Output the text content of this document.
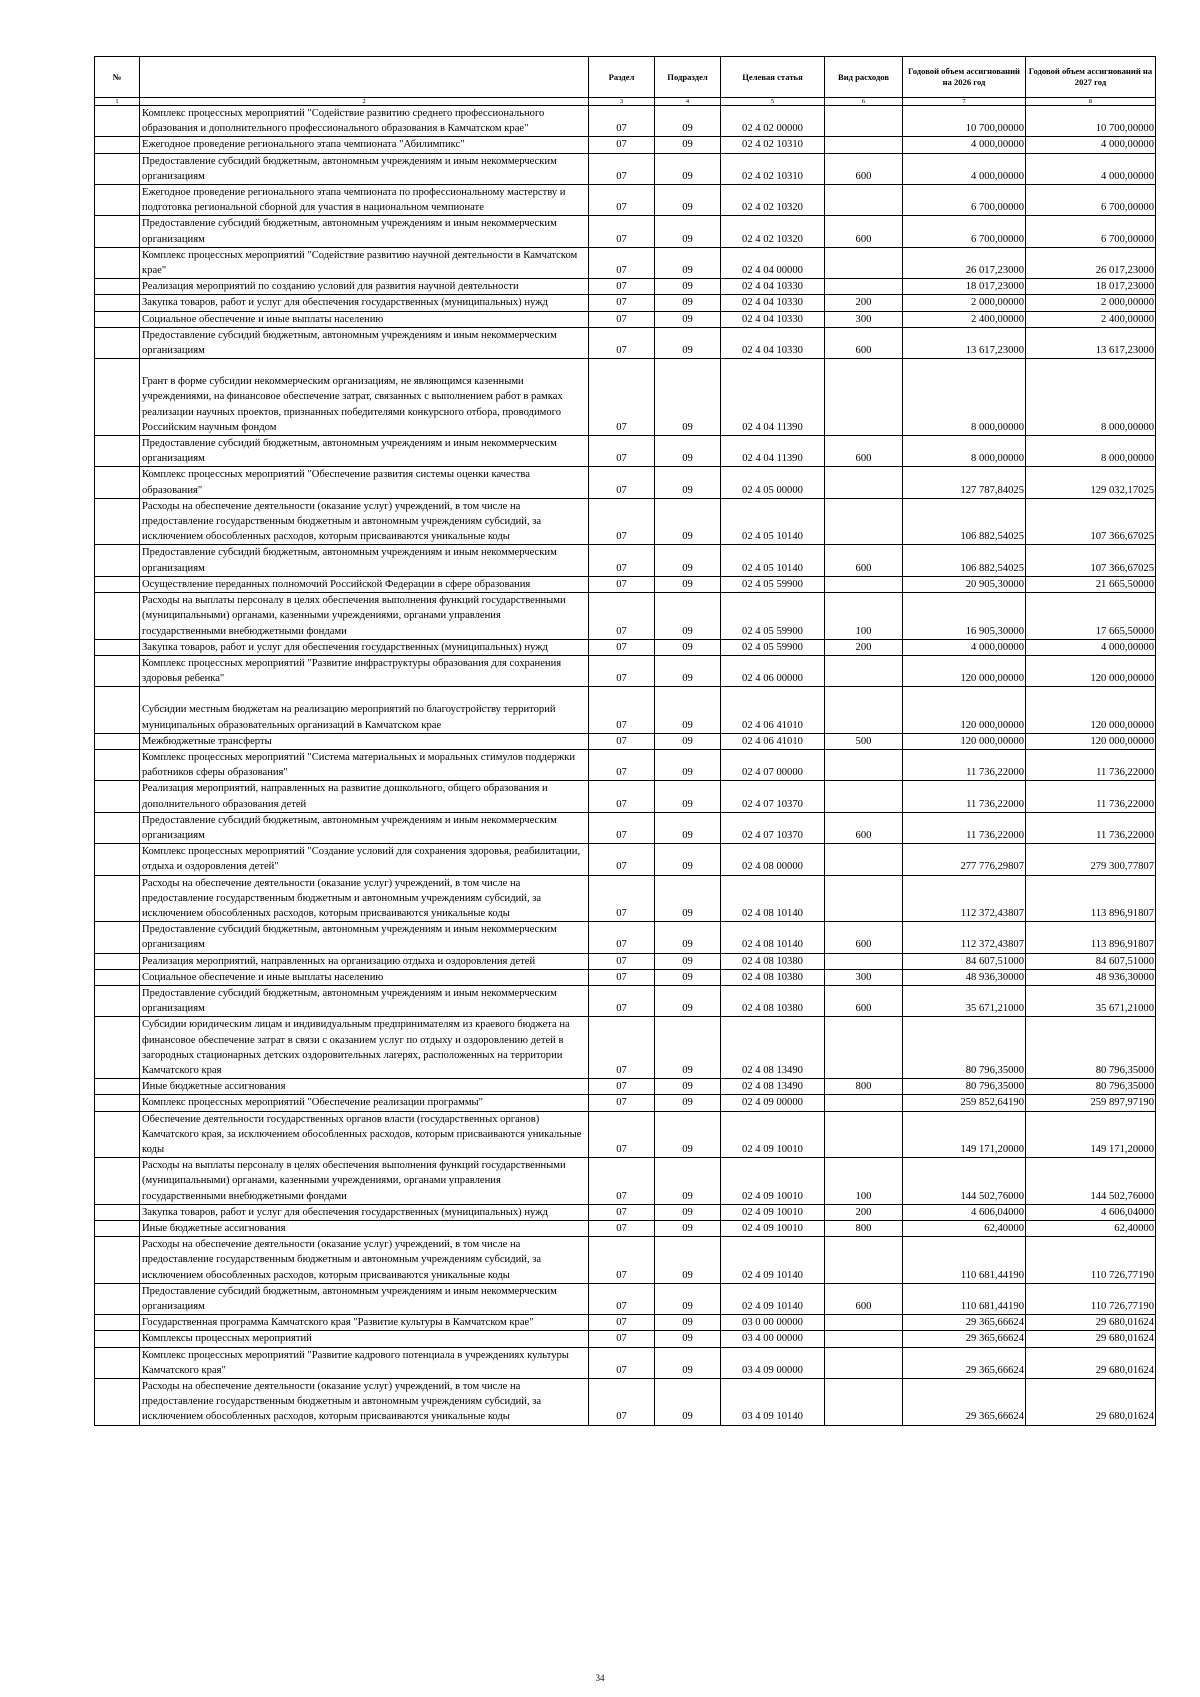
№		Раздел	Подраздел	Целевая статья	Вид расходов	Годовой объем ассигнований на 2026 год	Годовой объем ассигнований на 2027 год
1	2	3	4	5	6	7	8
	Комплекс процессных мероприятий "Содействие развитию среднего профессионального образования и дополнительного профессионального образования в Камчатском крае"	07	09	02 4 02 00000		10 700,00000	10 700,00000
	Ежегодное проведение регионального этапа чемпионата "Абилимпикс"	07	09	02 4 02 10310		4 000,00000	4 000,00000
	Предоставление субсидий бюджетным, автономным учреждениям и иным некоммерческим организациям	07	09	02 4 02 10310	600	4 000,00000	4 000,00000
	Ежегодное проведение регионального этапа чемпионата по профессиональному мастерству и подготовка региональной сборной для участия в национальном чемпионате	07	09	02 4 02 10320		6 700,00000	6 700,00000
	Предоставление субсидий бюджетным, автономным учреждениям и иным некоммерческим организациям	07	09	02 4 02 10320	600	6 700,00000	6 700,00000
	Комплекс процессных мероприятий "Содействие развитию научной деятельности в Камчатском крае"	07	09	02 4 04 00000		26 017,23000	26 017,23000
	Реализация мероприятий по созданию условий для развития научной деятельности	07	09	02 4 04 10330		18 017,23000	18 017,23000
	Закупка товаров, работ и услуг для обеспечения государственных (муниципальных) нужд	07	09	02 4 04 10330	200	2 000,00000	2 000,00000
	Социальное обеспечение и иные выплаты населению	07	09	02 4 04 10330	300	2 400,00000	2 400,00000
	Предоставление субсидий бюджетным, автономным учреждениям и иным некоммерческим организациям	07	09	02 4 04 10330	600	13 617,23000	13 617,23000
	Грант в форме субсидии некоммерческим организациям, не являющимся казенными учреждениями, на финансовое обеспечение затрат, связанных с выполнением работ в рамках реализации научных проектов, признанных победителями конкурсного отбора, проводимого Российским научным фондом	07	09	02 4 04 11390		8 000,00000	8 000,00000
	Предоставление субсидий бюджетным, автономным учреждениям и иным некоммерческим организациям	07	09	02 4 04 11390	600	8 000,00000	8 000,00000
	Комплекс процессных мероприятий "Обеспечение развития системы оценки качества образования"	07	09	02 4 05 00000		127 787,84025	129 032,17025
	Расходы на обеспечение деятельности (оказание услуг) учреждений, в том числе на предоставление государственным бюджетным и автономным учреждениям субсидий, за исключением обособленных расходов, которым присваиваются уникальные коды	07	09	02 4 05 10140		106 882,54025	107 366,67025
	Предоставление субсидий бюджетным, автономным учреждениям и иным некоммерческим организациям	07	09	02 4 05 10140	600	106 882,54025	107 366,67025
	Осуществление переданных полномочий Российской Федерации в сфере образования	07	09	02 4 05 59900		20 905,30000	21 665,50000
	Расходы на выплаты персоналу в целях обеспечения выполнения функций государственными (муниципальными) органами, казенными учреждениями, органами управления государственными внебюджетными фондами	07	09	02 4 05 59900	100	16 905,30000	17 665,50000
	Закупка товаров, работ и услуг для обеспечения государственных (муниципальных) нужд	07	09	02 4 05 59900	200	4 000,00000	4 000,00000
	Комплекс процессных мероприятий "Развитие инфраструктуры образования для сохранения здоровья ребенка"	07	09	02 4 06 00000		120 000,00000	120 000,00000
	Субсидии местным бюджетам на реализацию мероприятий по благоустройству территорий муниципальных образовательных организаций в Камчатском крае	07	09	02 4 06 41010		120 000,00000	120 000,00000
	Межбюджетные трансферты	07	09	02 4 06 41010	500	120 000,00000	120 000,00000
	Комплекс процессных мероприятий "Система материальных и моральных стимулов поддержки работников сферы образования"	07	09	02 4 07 00000		11 736,22000	11 736,22000
	Реализация мероприятий, направленных на развитие дошкольного, общего образования и дополнительного образования детей	07	09	02 4 07 10370		11 736,22000	11 736,22000
	Предоставление субсидий бюджетным, автономным учреждениям и иным некоммерческим организациям	07	09	02 4 07 10370	600	11 736,22000	11 736,22000
	Комплекс процессных мероприятий "Создание условий для сохранения здоровья, реабилитации, отдыха и оздоровления детей"	07	09	02 4 08 00000		277 776,29807	279 300,77807
	Расходы на обеспечение деятельности (оказание услуг) учреждений, в том числе на предоставление государственным бюджетным и автономным учреждениям субсидий, за исключением обособленных расходов, которым присваиваются уникальные коды	07	09	02 4 08 10140		112 372,43807	113 896,91807
	Предоставление субсидий бюджетным, автономным учреждениям и иным некоммерческим организациям	07	09	02 4 08 10140	600	112 372,43807	113 896,91807
	Реализация мероприятий, направленных на организацию отдыха и оздоровления детей	07	09	02 4 08 10380		84 607,51000	84 607,51000
	Социальное обеспечение и иные выплаты населению	07	09	02 4 08 10380	300	48 936,30000	48 936,30000
	Предоставление субсидий бюджетным, автономным учреждениям и иным некоммерческим организациям	07	09	02 4 08 10380	600	35 671,21000	35 671,21000
	Субсидии юридическим лицам и индивидуальным предпринимателям из краевого бюджета на финансовое обеспечение затрат в связи с оказанием услуг по отдыху и оздоровлению детей в загородных стационарных детских оздоровительных лагерях, расположенных на территории Камчатского края	07	09	02 4 08 13490		80 796,35000	80 796,35000
	Иные бюджетные ассигнования	07	09	02 4 08 13490	800	80 796,35000	80 796,35000
	Комплекс процессных мероприятий "Обеспечение реализации программы"	07	09	02 4 09 00000		259 852,64190	259 897,97190
	Обеспечение деятельности государственных органов власти (государственных органов) Камчатского края, за исключением обособленных расходов, которым присваиваются уникальные коды	07	09	02 4 09 10010		149 171,20000	149 171,20000
	Расходы на выплаты персоналу в целях обеспечения выполнения функций государственными (муниципальными) органами, казенными учреждениями, органами управления государственными внебюджетными фондами	07	09	02 4 09 10010	100	144 502,76000	144 502,76000
	Закупка товаров, работ и услуг для обеспечения государственных (муниципальных) нужд	07	09	02 4 09 10010	200	4 606,04000	4 606,04000
	Иные бюджетные ассигнования	07	09	02 4 09 10010	800	62,40000	62,40000
	Расходы на обеспечение деятельности (оказание услуг) учреждений, в том числе на предоставление государственным бюджетным и автономным учреждениям субсидий, за исключением обособленных расходов, которым присваиваются уникальные коды	07	09	02 4 09 10140		110 681,44190	110 726,77190
	Предоставление субсидий бюджетным, автономным учреждениям и иным некоммерческим организациям	07	09	02 4 09 10140	600	110 681,44190	110 726,77190
	Государственная программа Камчатского края "Развитие культуры в Камчатском крае"	07	09	03 0 00 00000		29 365,66624	29 680,01624
	Комплексы процессных мероприятий	07	09	03 4 00 00000		29 365,66624	29 680,01624
	Комплекс процессных мероприятий "Развитие кадрового потенциала в учреждениях культуры Камчатского края"	07	09	03 4 09 00000		29 365,66624	29 680,01624
	Расходы на обеспечение деятельности (оказание услуг) учреждений, в том числе на предоставление государственным бюджетным и автономным учреждениям субсидий, за исключением обособленных расходов, которым присваиваются уникальные коды	07	09	03 4 09 10140		29 365,66624	29 680,01624
34
